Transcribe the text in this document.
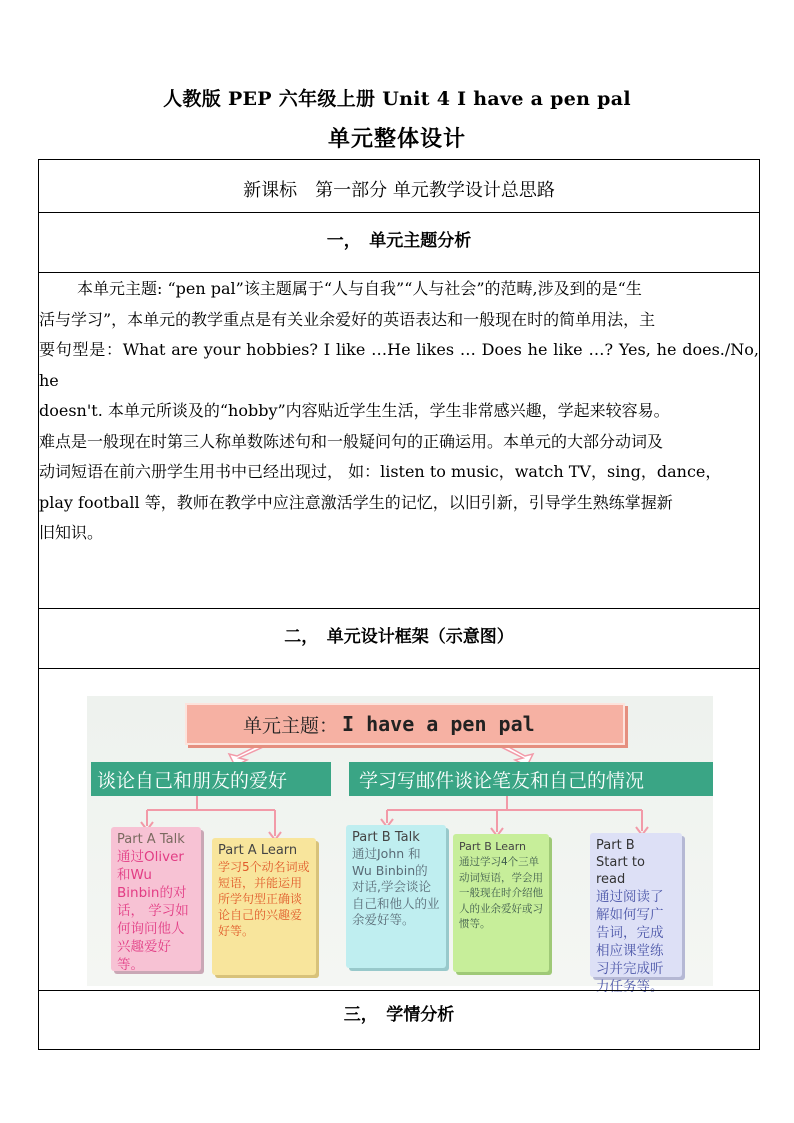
人教版 PEP 六年级上册 Unit 4 I have a pen pal
单元整体设计
新课标　第一部分 单元教学设计总思路
一，　单元主题分析

本单元主题: “pen pal”该主题属于“人与自我”“人与社会”的范畴,涉及到的是“生

活与学习”，本单元的教学重点是有关业余爱好的英语表达和一般现在时的简单用法，主

要句型是：What are your hobbies? I like …He likes … Does he like …? Yes, he does./No, he

doesn't. 本单元所谈及的“hobby”内容贴近学生生活，学生非常感兴趣，学起来较容易。

难点是一般现在时第三人称单数陈述句和一般疑问句的正确运用。本单元的大部分动词及

动词短语在前六册学生用书中已经出现过， 如：listen to music，watch TV，sing，dance，

play football 等，教师在教学中应注意激活学生的记忆，以旧引新，引导学生熟练掌握新

旧知识。

二，　单元设计框架（示意图）
单元主题： I have a pen pal
谈论自己和朋友的爱好	学习写邮件谈论笔友和自己的情况
Part A Talk
通过Oliver和Wu Binbin的对话， 学习如何询问他人兴趣爱好等。
Part A Learn
学习5个动名词或短语，并能运用所学句型正确谈论自己的兴趣爱好等。
Part B Talk
通过John 和 Wu Binbin的对话,学会谈论自己和他人的业余爱好等。
Part B Learn
通过学习4个三单动词短语，学会用一般现在时介绍他人的业余爱好或习惯等。
Part B
Start to read
通过阅读了解如何写广告词，完成相应课堂练习并完成听力任务等。
三，　学情分析
